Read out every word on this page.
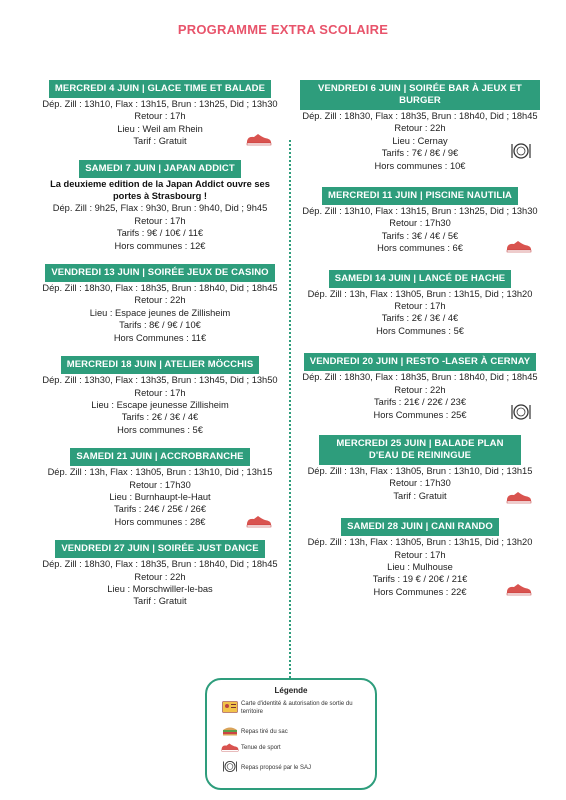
PROGRAMME EXTRA SCOLAIRE
MERCREDI 4 JUIN | GLACE TIME ET BALADE
Dép. Zill : 13h10, Flax : 13h15, Brun : 13h25, Did ; 13h30
Retour : 17h
Lieu : Weil am Rhein
Tarif : Gratuit
SAMEDI 7 JUIN | JAPAN ADDICT
La deuxieme edition de la Japan Addict ouvre ses portes à Strasbourg !
Dép. Zill : 9h25, Flax : 9h30, Brun : 9h40, Did ; 9h45
Retour : 17h
Tarifs : 9€ / 10€ / 11€
Hors communes : 12€
VENDREDI 13 JUIN | SOIRÉE JEUX DE CASINO
Dép. Zill : 18h30, Flax : 18h35, Brun : 18h40, Did ; 18h45
Retour : 22h
Lieu : Espace jeunes de Zillisheim
Tarifs : 8€ / 9€ / 10€
Hors Communes : 11€
MERCREDI 18 JUIN | ATELIER MÖCCHIS
Dép. Zill : 13h30, Flax : 13h35, Brun : 13h45, Did ; 13h50
Retour : 17h
Lieu : Escape jeunesse Zillisheim
Tarifs : 2€ / 3€ / 4€
Hors communes : 5€
SAMEDI 21 JUIN | ACCROBRANCHE
Dép. Zill : 13h, Flax : 13h05, Brun : 13h10, Did ; 13h15
Retour : 17h30
Lieu : Burnhaupt-le-Haut
Tarifs : 24€ / 25€ / 26€
Hors communes : 28€
VENDREDI 27 JUIN | SOIRÉE JUST DANCE
Dép. Zill : 18h30, Flax : 18h35, Brun : 18h40, Did ; 18h45
Retour : 22h
Lieu : Morschwiller-le-bas
Tarif : Gratuit
VENDREDI 6 JUIN | SOIRÉE BAR À JEUX ET BURGER
Dép. Zill : 18h30, Flax : 18h35, Brun : 18h40, Did ; 18h45
Retour : 22h
Lieu : Cernay
Tarifs : 7€ / 8€ / 9€
Hors communes : 10€
MERCREDI 11 JUIN | PISCINE NAUTILIA
Dép. Zill : 13h10, Flax : 13h15, Brun : 13h25, Did ; 13h30
Retour : 17h30
Tarifs : 3€ / 4€ / 5€
Hors communes : 6€
SAMEDI 14 JUIN | LANCÉ DE HACHE
Dép. Zill : 13h, Flax : 13h05, Brun : 13h15, Did ; 13h20
Retour : 17h
Tarifs : 2€ / 3€ / 4€
Hors Communes : 5€
VENDREDI 20 JUIN | RESTO -LASER À CERNAY
Dép. Zill : 18h30, Flax : 18h35, Brun : 18h40, Did ; 18h45
Retour : 22h
Tarifs : 21€ / 22€ / 23€
Hors Communes : 25€
MERCREDI 25 JUIN | BALADE PLAN D'EAU DE REININGUE
Dép. Zill : 13h, Flax : 13h05, Brun : 13h10, Did ; 13h15
Retour : 17h30
Tarif : Gratuit
SAMEDI 28 JUIN | CANI RANDO
Dép. Zill : 13h, Flax : 13h05, Brun : 13h15, Did ; 13h20
Retour : 17h
Lieu : Mulhouse
Tarifs : 19 € / 20€ / 21€
Hors Communes : 22€
Légende
Carte d'identité & autorisation de sortie du territoire
Repas tiré du sac
Tenue de sport
Repas proposé par le SAJ
